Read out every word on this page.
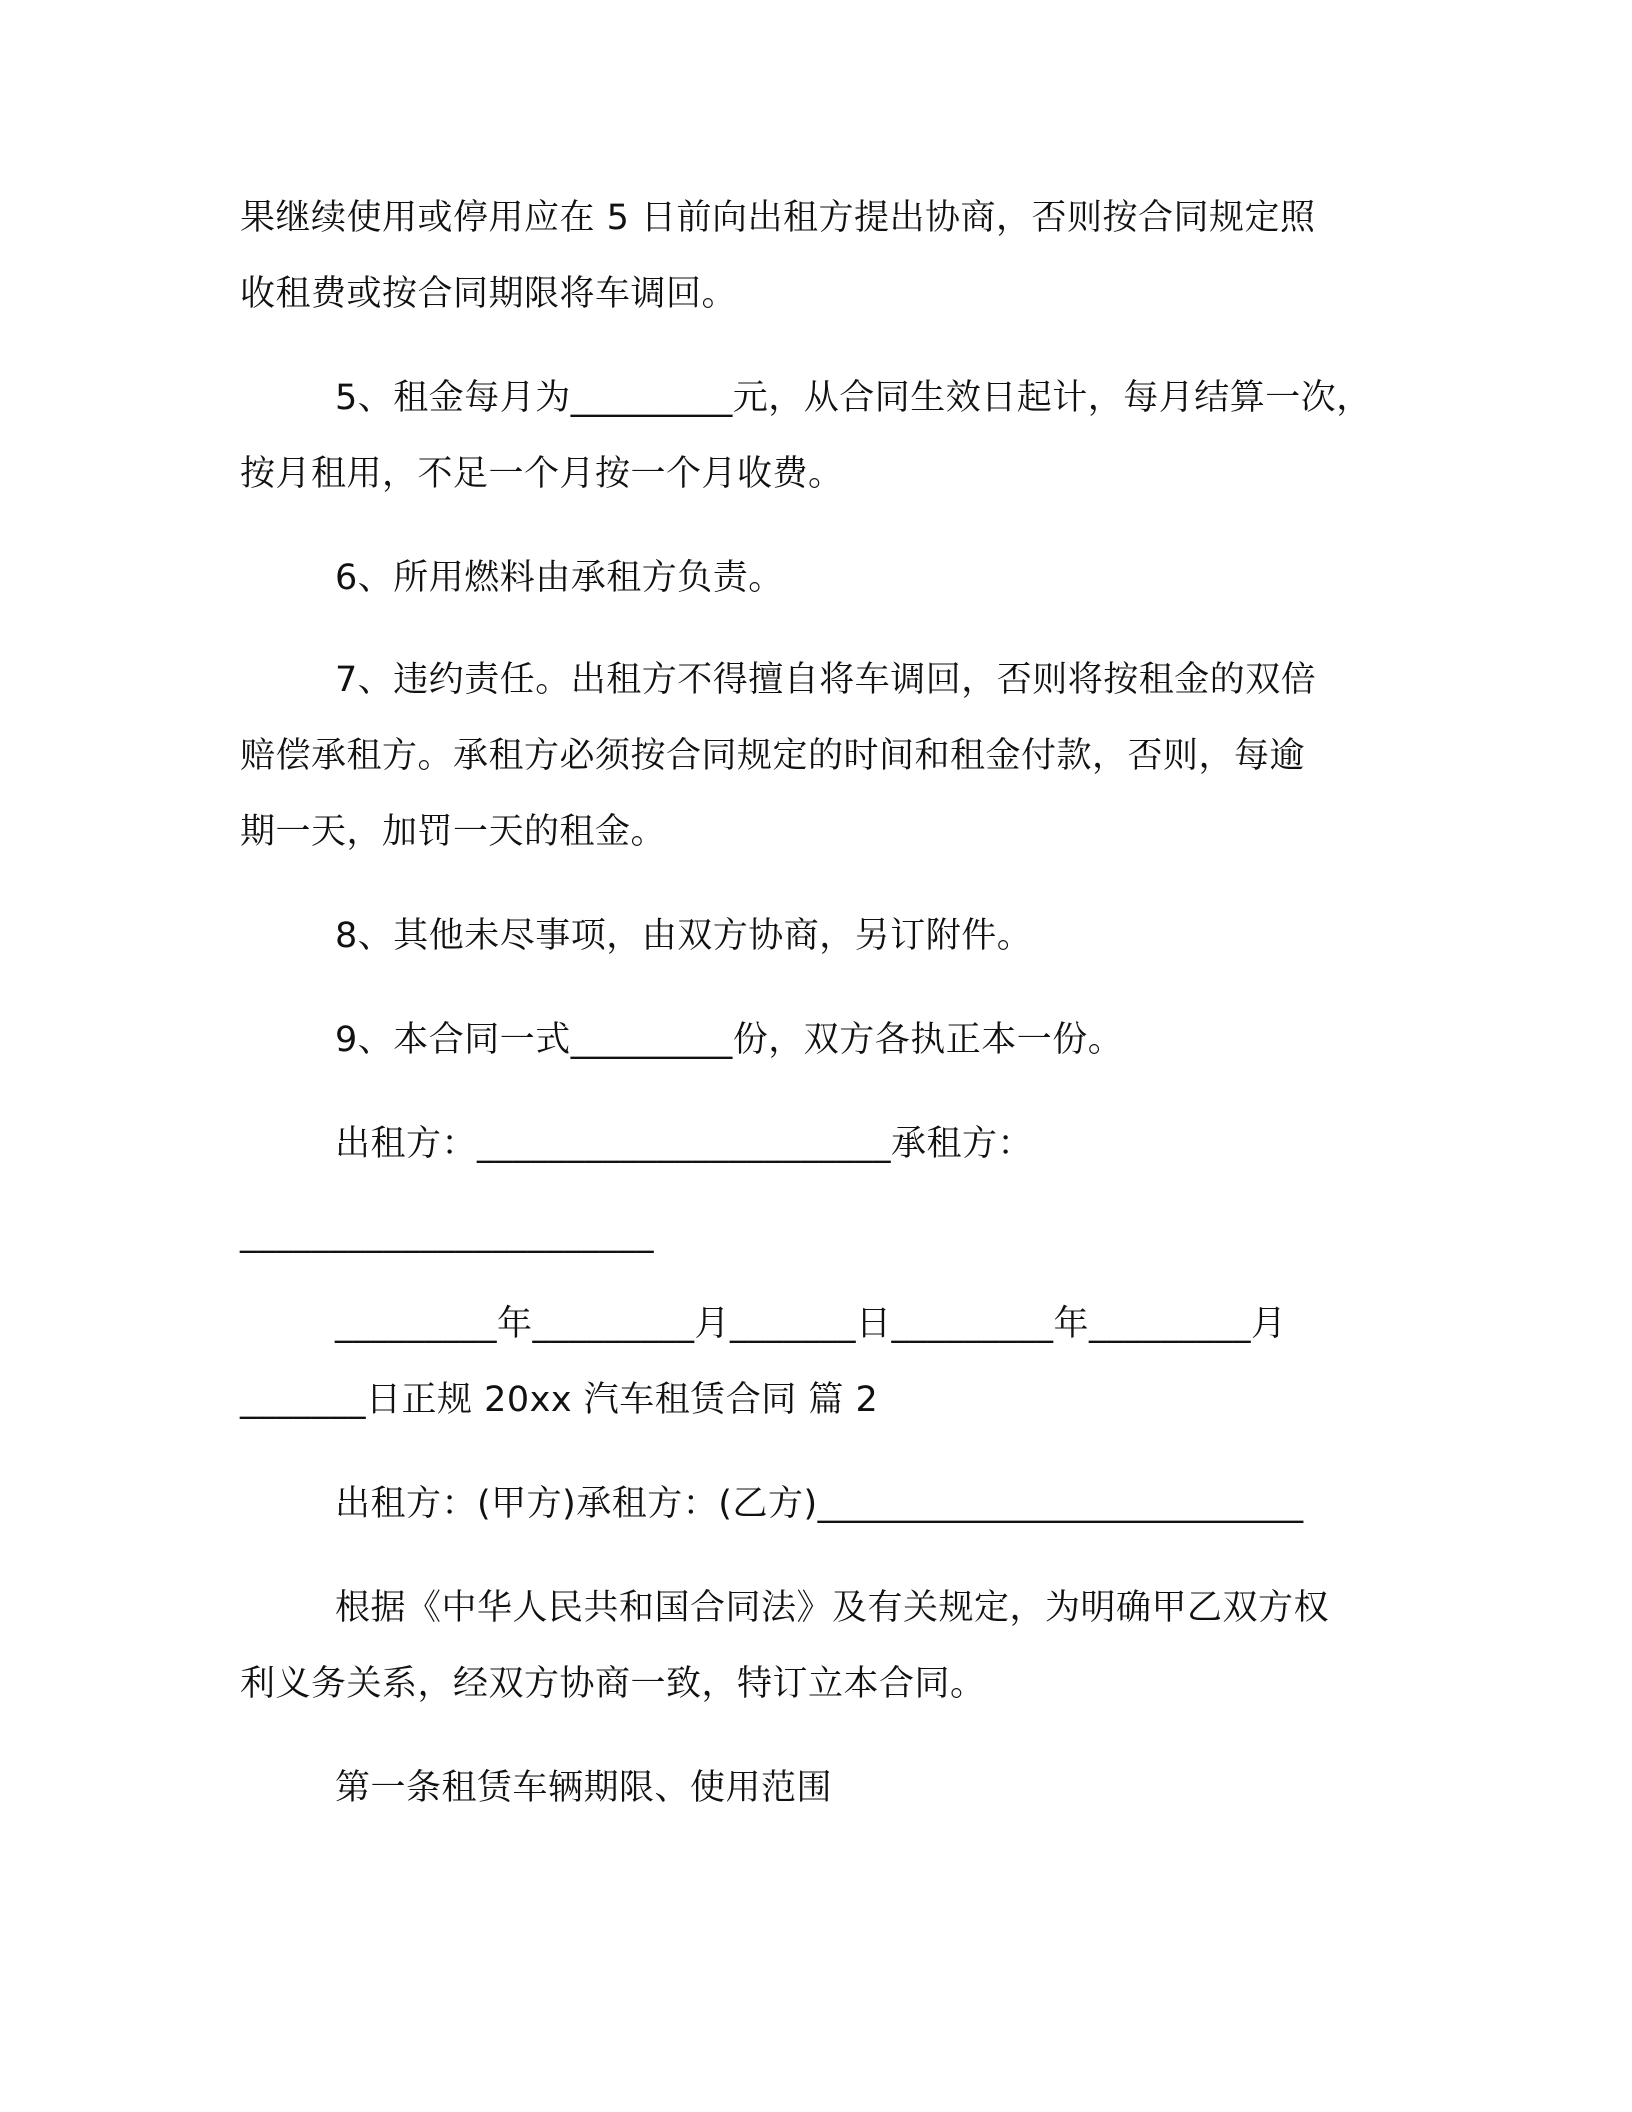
果继续使用或停用应在 5 日前向出租方提出协商，否则按合同规定照

收租费或按合同期限将车调回。

5、租金每月为_________元，从合同生效日起计，每月结算一次，

按月租用，不足一个月按一个月收费。

6、所用燃料由承租方负责。

7、违约责任。出租方不得擅自将车调回，否则将按租金的双倍

赔偿承租方。承租方必须按合同规定的时间和租金付款，否则，每逾

期一天，加罚一天的租金。

8、其他未尽事项，由双方协商，另订附件。

9、本合同一式_________份，双方各执正本一份。

出租方：_______________________承租方：

_______________________

_________年_________月_______日_________年_________月

_______日正规 20xx 汽车租赁合同 篇 2

出租方：(甲方)承租方：(乙方)___________________________

根据《中华人民共和国合同法》及有关规定，为明确甲乙双方权

利义务关系，经双方协商一致，特订立本合同。

第一条租赁车辆期限、使用范围
